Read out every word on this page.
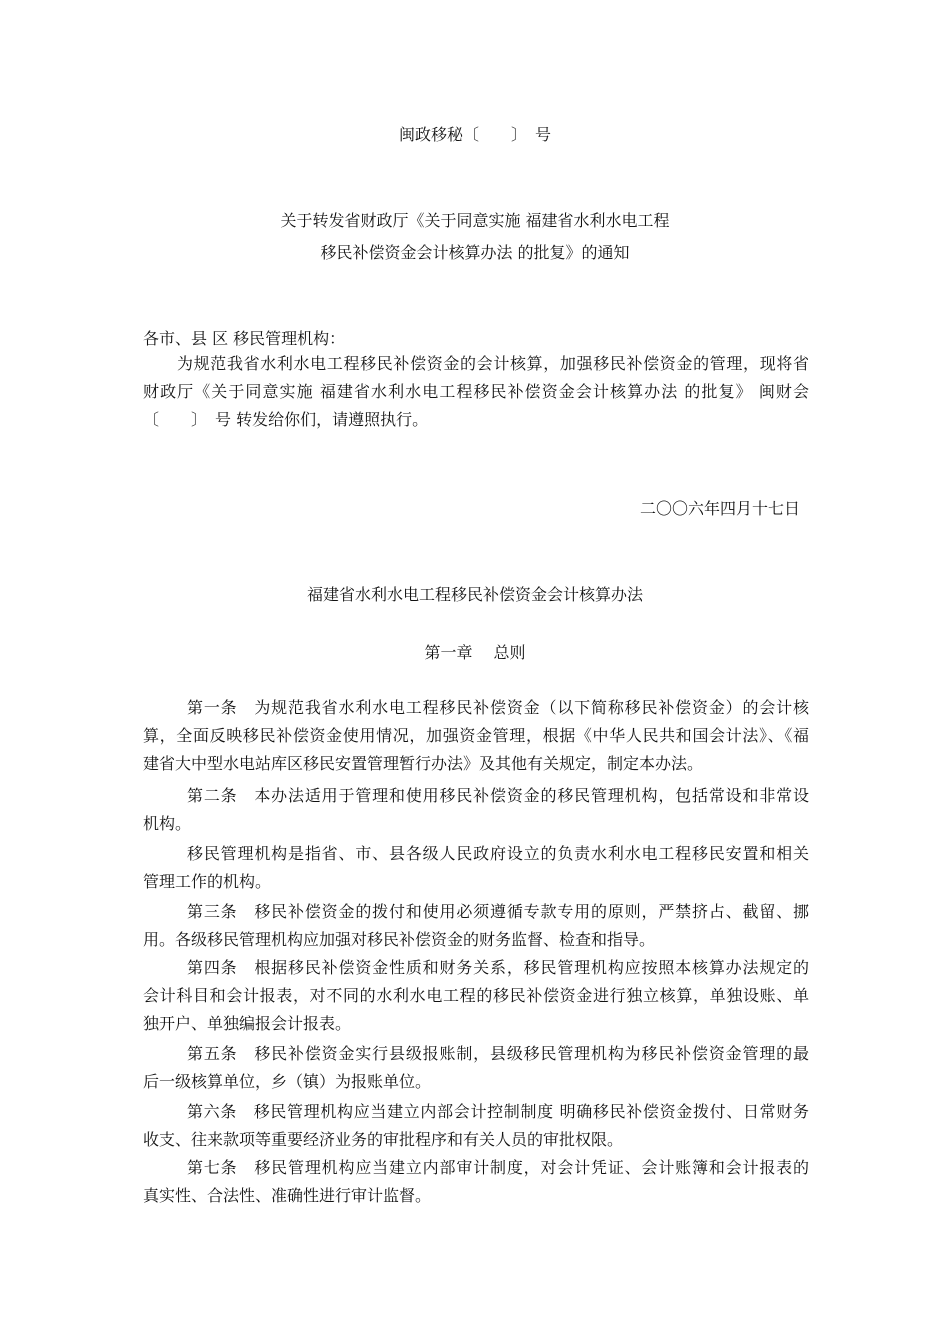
闽政移秘〔　　〕　号
关于转发省财政厅《关于同意实施 福建省水利水电工程
移民补偿资金会计核算办法 的批复》的通知
各市、县 区 移民管理机构：
为规范我省水利水电工程移民补偿资金的会计核算，加强移民补偿资金的管理，现将省
财政厅《关于同意实施 福建省水利水电工程移民补偿资金会计核算办法 的批复》 闽财会
〔　　〕　号 转发给你们，请遵照执行。
二〇〇六年四月十七日
福建省水利水电工程移民补偿资金会计核算办法
第一章　 总则
第一条　为规范我省水利水电工程移民补偿资金（以下简称移民补偿资金）的会计核
算，全面反映移民补偿资金使用情况，加强资金管理，根据《中华人民共和国会计法》、《福
建省大中型水电站库区移民安置管理暂行办法》及其他有关规定，制定本办法。
第二条　本办法适用于管理和使用移民补偿资金的移民管理机构，包括常设和非常设
机构。
移民管理机构是指省、市、县各级人民政府设立的负责水利水电工程移民安置和相关
管理工作的机构。
第三条　移民补偿资金的拨付和使用必须遵循专款专用的原则，严禁挤占、截留、挪
用。各级移民管理机构应加强对移民补偿资金的财务监督、检查和指导。
第四条　根据移民补偿资金性质和财务关系，移民管理机构应按照本核算办法规定的
会计科目和会计报表，对不同的水利水电工程的移民补偿资金进行独立核算，单独设账、单
独开户、单独编报会计报表。
第五条　移民补偿资金实行县级报账制，县级移民管理机构为移民补偿资金管理的最
后一级核算单位，乡（镇）为报账单位。
第六条　移民管理机构应当建立内部会计控制制度 明确移民补偿资金拨付、日常财务
收支、往来款项等重要经济业务的审批程序和有关人员的审批权限。
第七条　移民管理机构应当建立内部审计制度，对会计凭证、会计账簿和会计报表的
真实性、合法性、准确性进行审计监督。
